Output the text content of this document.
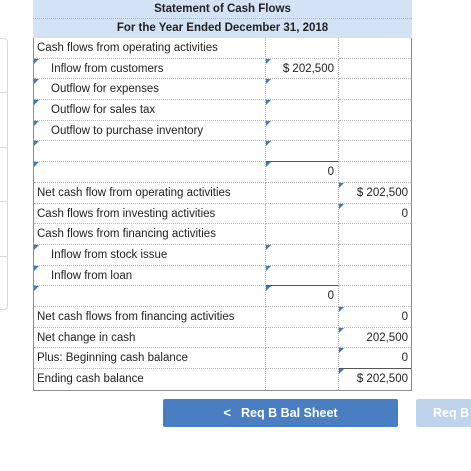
Statement of Cash Flows
For the Year Ended December 31, 2018
Cash flows from operating activities
Inflow from customers	$ 202,500
Outflow for expenses
Outflow for sales tax
Outflow to purchase inventory
0
Net cash flow from operating activities	$ 202,500
Cash flows from investing activities	0
Cash flows from financing activities
Inflow from stock issue
Inflow from loan
0
Net cash flows from financing activities	0
Net change in cash	202,500
Plus: Beginning cash balance	0
Ending cash balance	$ 202,500
< Req B Bal Sheet	Req B
